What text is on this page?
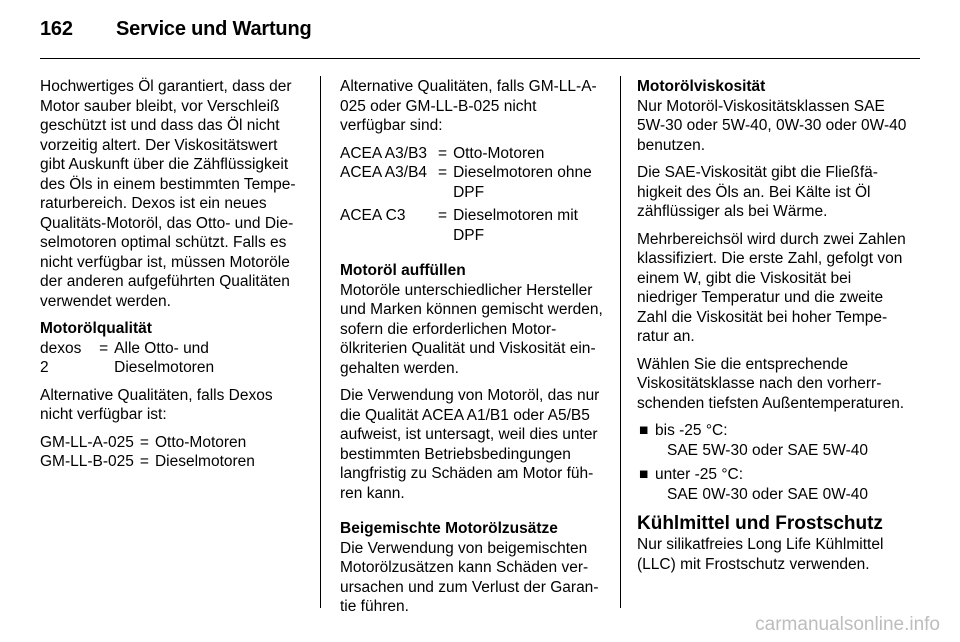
162 Service und Wartung

Hochwertiges Öl garantiert, dass der Motor sauber bleibt, vor Verschleiß geschützt ist und dass das Öl nicht vorzeitig altert. Der Viskositätswert gibt Auskunft über die Zähflüssigkeit des Öls in einem bestimmten Temperaturbereich. Dexos ist ein neues Qualitäts-Motoröl, das Otto- und Dieselmotoren optimal schützt. Falls es nicht verfügbar ist, müssen Motoröle der anderen aufgeführten Qualitäten verwendet werden.

Motorölqualität
dexos 2	=	Alle Otto- und Dieselmotoren

Alternative Qualitäten, falls Dexos nicht verfügbar ist:

GM-LL-A-025	=	Otto-Motoren
GM-LL-B-025	=	Dieselmotoren

Alternative Qualitäten, falls GM-LL-A-025 oder GM-LL-B-025 nicht verfügbar sind:

ACEA A3/B3	=	Otto-Motoren
ACEA A3/B4	=	Dieselmotoren ohne DPF
ACEA C3	=	Dieselmotoren mit DPF
Motoröl auffüllen

Motoröle unterschiedlicher Hersteller und Marken können gemischt werden, sofern die erforderlichen Motorölkriterien Qualität und Viskosität eingehalten werden.

Die Verwendung von Motoröl, das nur die Qualität ACEA A1/B1 oder A5/B5 aufweist, ist untersagt, weil dies unter bestimmten Betriebsbedingungen langfristig zu Schäden am Motor führen kann.

Beigemischte Motorölzusätze

Die Verwendung von beigemischten Motorölzusätzen kann Schäden verursachen und zum Verlust der Garantie führen.

Motorölviskosität

Nur Motoröl-Viskositätsklassen SAE 5W-30 oder 5W-40, 0W-30 oder 0W-40 benutzen.

Die SAE-Viskosität gibt die Fließfähigkeit des Öls an. Bei Kälte ist Öl zähflüssiger als bei Wärme.

Mehrbereichsöl wird durch zwei Zahlen klassifiziert. Die erste Zahl, gefolgt von einem W, gibt die Viskosität bei niedriger Temperatur und die zweite Zahl die Viskosität bei hoher Temperatur an.

Wählen Sie die entsprechende Viskositätsklasse nach den vorherrschenden tiefsten Außentemperaturen.

■ bis -25 °C:
SAE 5W-30 oder SAE 5W-40
■ unter -25 °C:
SAE 0W-30 oder SAE 0W-40
Kühlmittel und Frostschutz

Nur silikatfreies Long Life Kühlmittel (LLC) mit Frostschutz verwenden.

carmanualsonline.info
